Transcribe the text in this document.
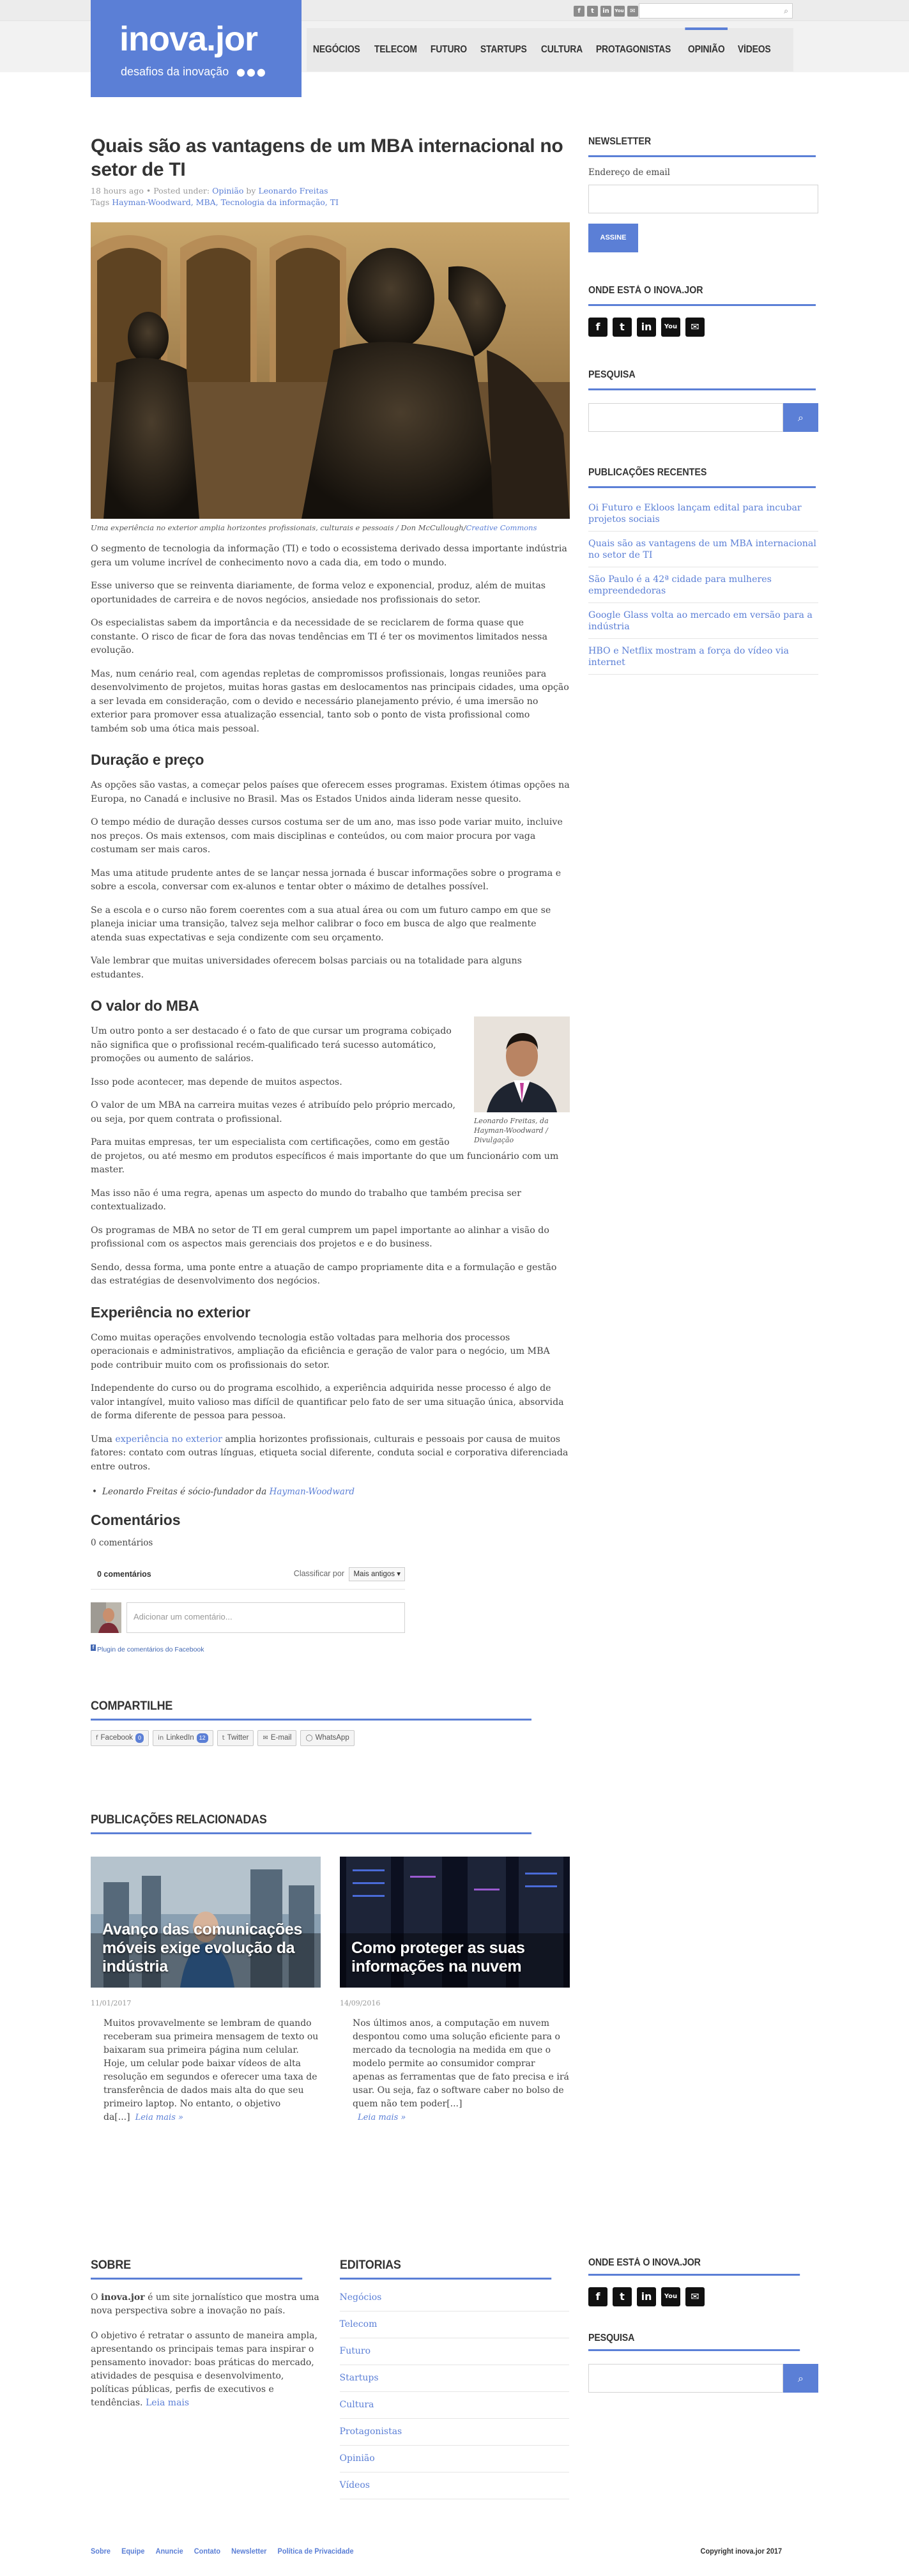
f	t	in	You ✉	⌕
inova.jor
desafios da inovação ●●●
NEGÓCIOS	TELECOM	FUTURO	STARTUPS	CULTURA	PROTAGONISTAS	OPINIÃO	VÍDEOS
Quais são as vantagens de um MBA internacional no setor de TI
18 hours ago • Posted under: Opinião by Leonardo Freitas
Tags Hayman-Woodward, MBA, Tecnologia da informação, TI
Uma experiência no exterior amplia horizontes profissionais, culturais e pessoais / Don McCullough/Creative Commons

O segmento de tecnologia da informação (TI) e todo o ecossistema derivado dessa importante indústria gera um volume incrível de conhecimento novo a cada dia, em todo o mundo.

Esse universo que se reinventa diariamente, de forma veloz e exponencial, produz, além de muitas oportunidades de carreira e de novos negócios, ansiedade nos profissionais do setor.

Os especialistas sabem da importância e da necessidade de se reciclarem de forma quase que constante. O risco de ficar de fora das novas tendências em TI é ter os movimentos limitados nessa evolução.

Mas, num cenário real, com agendas repletas de compromissos profissionais, longas reuniões para desenvolvimento de projetos, muitas horas gastas em deslocamentos nas principais cidades, uma opção a ser levada em consideração, com o devido e necessário planejamento prévio, é uma imersão no exterior para promover essa atualização essencial, tanto sob o ponto de vista profissional como também sob uma ótica mais pessoal.

Duração e preço

As opções são vastas, a começar pelos países que oferecem esses programas. Existem ótimas opções na Europa, no Canadá e inclusive no Brasil. Mas os Estados Unidos ainda lideram nesse quesito.

O tempo médio de duração desses cursos costuma ser de um ano, mas isso pode variar muito, incluive nos preços. Os mais extensos, com mais disciplinas e conteúdos, ou com maior procura por vaga costumam ser mais caros.

Mas uma atitude prudente antes de se lançar nessa jornada é buscar informações sobre o programa e sobre a escola, conversar com ex-alunos e tentar obter o máximo de detalhes possível.

Se a escola e o curso não forem coerentes com a sua atual área ou com um futuro campo em que se planeja iniciar uma transição, talvez seja melhor calibrar o foco em busca de algo que realmente atenda suas expectativas e seja condizente com seu orçamento.

Vale lembrar que muitas universidades oferecem bolsas parciais ou na totalidade para alguns estudantes.

O valor do MBA
Leonardo Freitas, da Hayman-Woodward / Divulgação

Um outro ponto a ser destacado é o fato de que cursar um programa cobiçado não significa que o profissional recém-qualificado terá sucesso automático, promoções ou aumento de salários.

Isso pode acontecer, mas depende de muitos aspectos.

O valor de um MBA na carreira muitas vezes é atribuído pelo próprio mercado, ou seja, por quem contrata o profissional.

Para muitas empresas, ter um especialista com certificações, como em gestão de projetos, ou até mesmo em produtos específicos é mais importante do que um funcionário com um master.

Mas isso não é uma regra, apenas um aspecto do mundo do trabalho que também precisa ser contextualizado.

Os programas de MBA no setor de TI em geral cumprem um papel importante ao alinhar a visão do profissional com os aspectos mais gerenciais dos projetos e e do business.

Sendo, dessa forma, uma ponte entre a atuação de campo propriamente dita e a formulação e gestão das estratégias de desenvolvimento dos negócios.

Experiência no exterior

Como muitas operações envolvendo tecnologia estão voltadas para melhoria dos processos operacionais e administrativos, ampliação da eficiência e geração de valor para o negócio, um MBA pode contribuir muito com os profissionais do setor.

Independente do curso ou do programa escolhido, a experiência adquirida nesse processo é algo de valor intangível, muito valioso mas difícil de quantificar pelo fato de ser uma situação única, absorvida de forma diferente de pessoa para pessoa.

Uma experiência no exterior amplia horizontes profissionais, culturais e pessoais por causa de muitos fatores: contato com outras línguas, etiqueta social diferente, conduta social e corporativa diferenciada entre outros.

• Leonardo Freitas é sócio-fundador da Hayman-Woodward
Comentários
0 comentários
0 comentários	Classificar por Mais antigos ▾
Adicionar um comentário...
f Plugin de comentários do Facebook
COMPARTILHE
f Facebook 0	in LinkedIn 12	t Twitter ✉ E-mail ◯ WhatsApp
PUBLICAÇÕES RELACIONADAS
Avanço das comunicações móveis exige evolução da indústria
11/01/2017
Muitos provavelmente se lembram de quando receberam sua primeira mensagem de texto ou baixaram sua primeira página num celular. Hoje, um celular pode baixar vídeos de alta resolução em segundos e oferecer uma taxa de transferência de dados mais alta do que seu primeiro laptop. No entanto, o objetivo da[...] Leia mais »
Como proteger as suas informações na nuvem
14/09/2016
Nos últimos anos, a computação em nuvem despontou como uma solução eficiente para o mercado da tecnologia na medida em que o modelo permite ao consumidor comprar apenas as ferramentas que de fato precisa e irá usar. Ou seja, faz o software caber no bolso de quem não tem poder[...]
Leia mais »
NEWSLETTER
Endereço de email
ASSINE
ONDE ESTÁ O INOVA.JOR
f	t	in	You	✉
PESQUISA
⌕
PUBLICAÇÕES RECENTES
Oi Futuro e Ekloos lançam edital para incubar projetos sociais
Quais são as vantagens de um MBA internacional no setor de TI
São Paulo é a 42ª cidade para mulheres empreendedoras
Google Glass volta ao mercado em versão para a indústria
HBO e Netflix mostram a força do vídeo via internet
SOBRE

O inova.jor é um site jornalístico que mostra uma nova perspectiva sobre a inovação no país.

O objetivo é retratar o assunto de maneira ampla, apresentando os principais temas para inspirar o pensamento inovador: boas práticas do mercado, atividades de pesquisa e desenvolvimento, políticas públicas, perfis de executivos e tendências. Leia mais

EDITORIAS
Negócios
Telecom
Futuro
Startups
Cultura
Protagonistas
Opinião
Vídeos
ONDE ESTÁ O INOVA.JOR
f	t	in	You	✉
PESQUISA
⌕
Sobre Equipe Anuncie Contato Newsletter Política de Privacidade	Copyright inova.jor 2017
